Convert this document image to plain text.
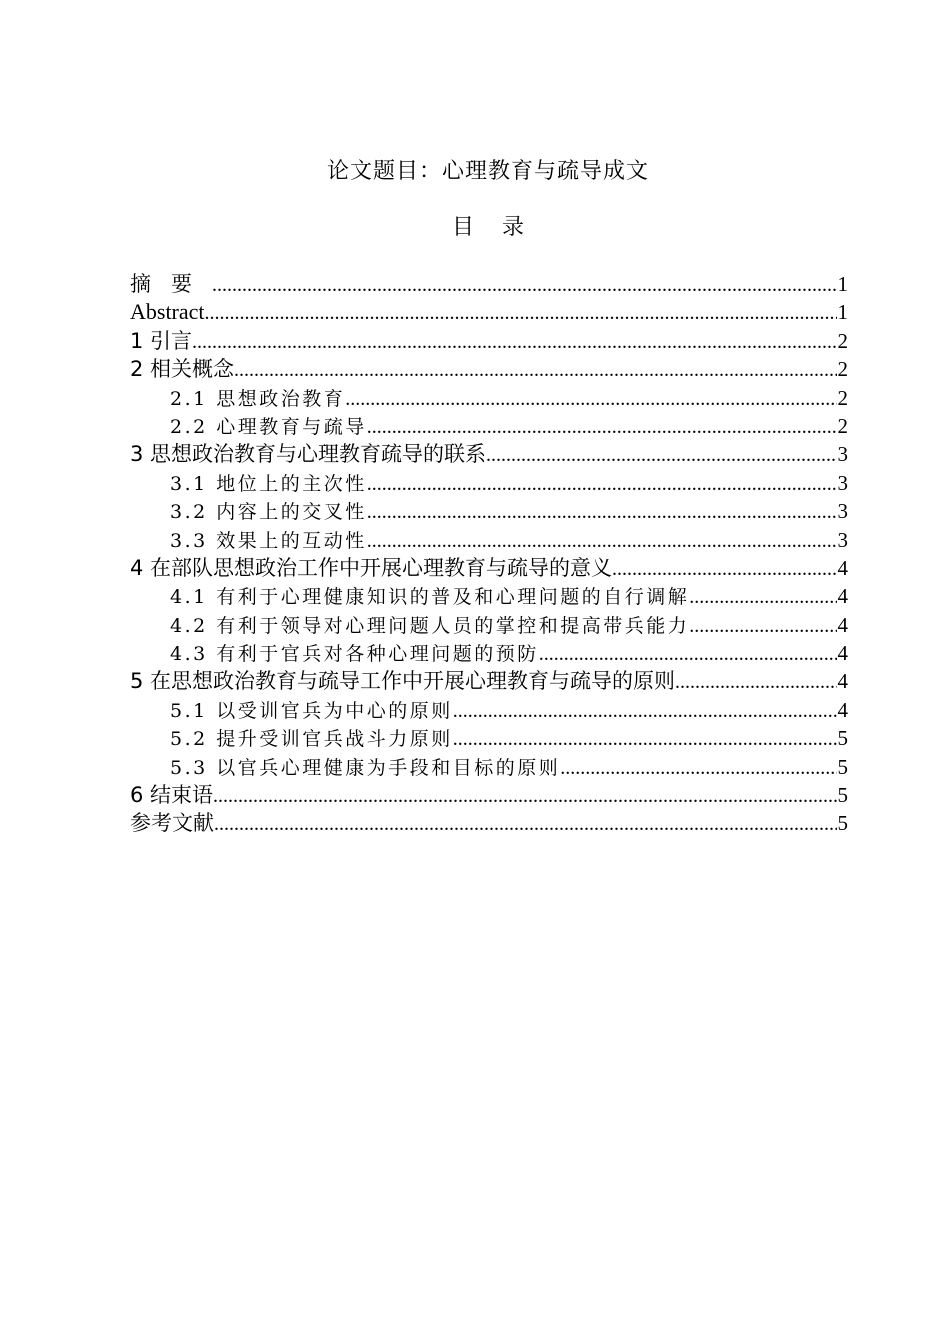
论文题目：心理教育与疏导成文
目录
摘要 .....	1
Abstract .....	1
1 引言 .....	2
2 相关概念 .....	2
2.1 思想政治教育 .....	2
2.2 心理教育与疏导 .....	2
3 思想政治教育与心理教育疏导的联系 .....	3
3.1 地位上的主次性 .....	3
3.2 内容上的交叉性 .....	3
3.3 效果上的互动性 .....	3
4 在部队思想政治工作中开展心理教育与疏导的意义 .....	4
4.1 有利于心理健康知识的普及和心理问题的自行调解 .....	4
4.2 有利于领导对心理问题人员的掌控和提高带兵能力 .....	4
4.3 有利于官兵对各种心理问题的预防 .....	4
5 在思想政治教育与疏导工作中开展心理教育与疏导的原则 .....	4
5.1 以受训官兵为中心的原则 .....	4
5.2 提升受训官兵战斗力原则 .....	5
5.3 以官兵心理健康为手段和目标的原则 .....	5
6 结束语 .....	5
参考文献 .....	5
